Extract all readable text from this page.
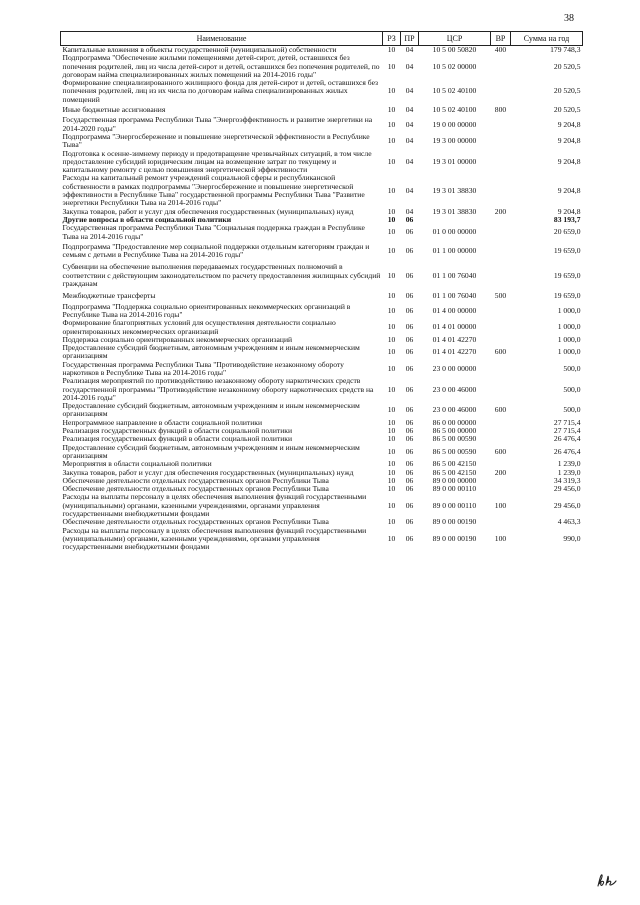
38
Наименование	РЗ	ПР	ЦСР	ВР	Сумма на год
Капитальные вложения в объекты государственной (муниципальной) собственности	10	04	10 5 00 50820	400	179 748,3
Подпрограмма "Обеспечение жилыми помещениями детей-сирот, детей, оставшихся без попечения родителей, лиц из числа детей-сирот и детей, оставшихся без попечения родителей, по договорам найма специализированных жилых помещений на 2014-2016 годы"	10	04	10 5 02 00000		20 520,5
Формирование специализированного жилищного фонда для детей-сирот и детей, оставшихся без попечения родителей, лиц из их числа по договорам найма специализированных жилых помещений	10	04	10 5 02 40100		20 520,5
Иные бюджетные ассигнования	10	04	10 5 02 40100	800	20 520,5
Государственная программа Республики Тыва "Энергоэффективность и развитие энергетики на 2014-2020 годы"	10	04	19 0 00 00000		9 204,8
Подпрограмма "Энергосбережение и повышение энергетической эффективности в Республике Тыва"	10	04	19 3 00 00000		9 204,8
Подготовка к осенне-зимнему периоду и предотвращение чрезвычайных ситуаций, в том числе предоставление субсидий юридическим лицам на возмещение затрат по текущему и капитальному ремонту с целью повышения энергетической эффективности	10	04	19 3 01 00000		9 204,8
Расходы на капитальный ремонт учреждений социальной сферы и республиканской собственности в рамках подпрограммы "Энергосбережение и повышение энергетической эффективности в Республике Тыва" государственной программы Республики Тыва "Развитие энергетики Республики Тыва на 2014-2016 годы"	10	04	19 3 01 38830		9 204,8
Закупка товаров, работ и услуг для обеспечения государственных (муниципальных) нужд	10	04	19 3 01 38830	200	9 204,8
Другие вопросы в области социальной политики	10	06			83 193,7
Государственная программа Республики Тыва "Социальная поддержка граждан в Республике Тыва на 2014-2016 годы"	10	06	01 0 00 00000		20 659,0
Подпрограмма "Предоставление мер социальной поддержки отдельным категориям граждан и семьям с детьми в Республике Тыва на 2014-2016 годы"	10	06	01 1 00 00000		19 659,0
Субвенции на обеспечение выполнения передаваемых государственных полномочий в соответствии с действующим законодательством по расчету предоставления жилищных субсидий гражданам	10	06	01 1 00 76040		19 659,0
Межбюджетные трансферты	10	06	01 1 00 76040	500	19 659,0
Подпрограмма "Поддержка социально ориентированных некоммерческих организаций в Республике Тыва на 2014-2016 годы"	10	06	01 4 00 00000		1 000,0
Формирование благоприятных условий для осуществления деятельности социально ориентированных некоммерческих организаций	10	06	01 4 01 00000		1 000,0
Поддержка социально ориентированных некоммерческих организаций	10	06	01 4 01 42270		1 000,0
Предоставление субсидий бюджетным, автономным учреждениям и иным некоммерческим организациям	10	06	01 4 01 42270	600	1 000,0
Государственная программа Республики Тыва "Противодействие незаконному обороту наркотиков в Республике Тыва на 2014-2016 годы"	10	06	23 0 00 00000		500,0
Реализация мероприятий по противодействию незаконному обороту наркотических средств государственной программы "Противодействие незаконному обороту наркотических средств на 2014-2016 годы"	10	06	23 0 00 46000		500,0
Предоставление субсидий бюджетным, автономным учреждениям и иным некоммерческим организациям	10	06	23 0 00 46000	600	500,0
Непрограммное направление в области социальной политики	10	06	86 0 00 00000		27 715,4
Реализация государственных функций в области социальной политики	10	06	86 5 00 00000		27 715,4
Реализация государственных функций в области социальной политики	10	06	86 5 00 00590		26 476,4
Предоставление субсидий бюджетным, автономным учреждениям и иным некоммерческим организациям	10	06	86 5 00 00590	600	26 476,4
Мероприятия в области социальной политики	10	06	86 5 00 42150		1 239,0
Закупка товаров, работ и услуг для обеспечения государственных (муниципальных) нужд	10	06	86 5 00 42150	200	1 239,0
Обеспечение деятельности отдельных государственных органов Республики Тыва	10	06	89 0 00 00000		34 319,3
Обеспечение деятельности отдельных государственных органов Республики Тыва	10	06	89 0 00 00110		29 456,0
Расходы на выплаты персоналу в целях обеспечения выполнения функций государственными (муниципальными) органами, казенными учреждениями, органами управления государственными внебюджетными фондами	10	06	89 0 00 00110	100	29 456,0
Обеспечение деятельности отдельных государственных органов Республики Тыва	10	06	89 0 00 00190		4 463,3
Расходы на выплаты персоналу в целях обеспечения выполнения функций государственными (муниципальными) органами, казенными учреждениями, органами управления государственными внебюджетными фондами	10	06	89 0 00 00190	100	990,0
